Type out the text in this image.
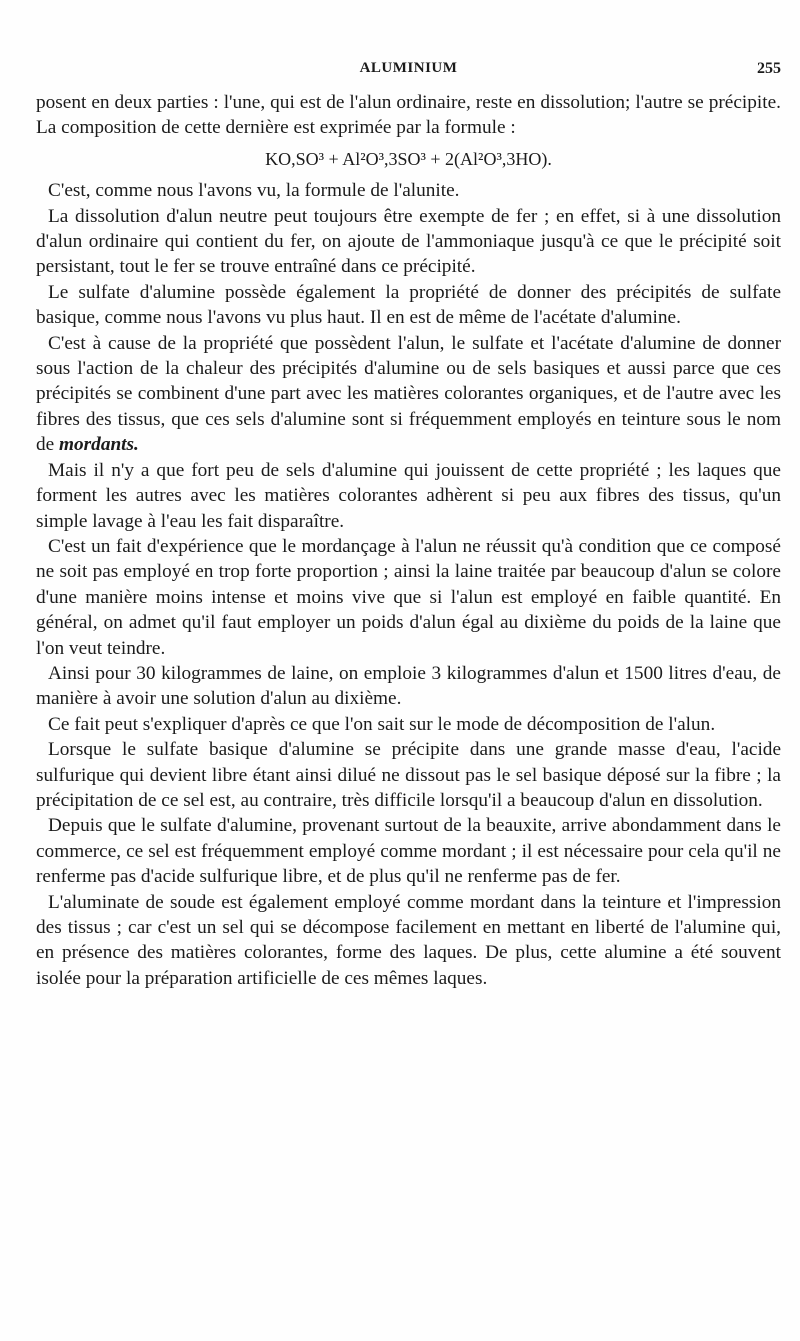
ALUMINIUM	255

posent en deux parties : l'une, qui est de l'alun ordinaire, reste en dissolution; l'autre se précipite. La composition de cette dernière est exprimée par la formule :

KO,SO³ + Al²O³,3SO³ + 2(Al²O³,3HO).

C'est, comme nous l'avons vu, la formule de l'alunite.

La dissolution d'alun neutre peut toujours être exempte de fer ; en effet, si à une dissolution d'alun ordinaire qui contient du fer, on ajoute de l'ammoniaque jusqu'à ce que le précipité soit persistant, tout le fer se trouve entraîné dans ce précipité.

Le sulfate d'alumine possède également la propriété de donner des précipités de sulfate basique, comme nous l'avons vu plus haut. Il en est de même de l'acétate d'alumine.

C'est à cause de la propriété que possèdent l'alun, le sulfate et l'acétate d'alumine de donner sous l'action de la chaleur des précipités d'alumine ou de sels basiques et aussi parce que ces précipités se combinent d'une part avec les matières colorantes organiques, et de l'autre avec les fibres des tissus, que ces sels d'alumine sont si fréquemment employés en teinture sous le nom de mordants.

Mais il n'y a que fort peu de sels d'alumine qui jouissent de cette propriété ; les laques que forment les autres avec les matières colorantes adhèrent si peu aux fibres des tissus, qu'un simple lavage à l'eau les fait disparaître.

C'est un fait d'expérience que le mordançage à l'alun ne réussit qu'à condition que ce composé ne soit pas employé en trop forte proportion ; ainsi la laine traitée par beaucoup d'alun se colore d'une manière moins intense et moins vive que si l'alun est employé en faible quantité. En général, on admet qu'il faut employer un poids d'alun égal au dixième du poids de la laine que l'on veut teindre.

Ainsi pour 30 kilogrammes de laine, on emploie 3 kilogrammes d'alun et 1500 litres d'eau, de manière à avoir une solution d'alun au dixième.

Ce fait peut s'expliquer d'après ce que l'on sait sur le mode de décomposition de l'alun.

Lorsque le sulfate basique d'alumine se précipite dans une grande masse d'eau, l'acide sulfurique qui devient libre étant ainsi dilué ne dissout pas le sel basique déposé sur la fibre ; la précipitation de ce sel est, au contraire, très difficile lorsqu'il a beaucoup d'alun en dissolution.

Depuis que le sulfate d'alumine, provenant surtout de la beauxite, arrive abondamment dans le commerce, ce sel est fréquemment employé comme mordant ; il est nécessaire pour cela qu'il ne renferme pas d'acide sulfurique libre, et de plus qu'il ne renferme pas de fer.

L'aluminate de soude est également employé comme mordant dans la teinture et l'impression des tissus ; car c'est un sel qui se décompose facilement en mettant en liberté de l'alumine qui, en présence des matières colorantes, forme des laques. De plus, cette alumine a été souvent isolée pour la préparation artificielle de ces mêmes laques.
